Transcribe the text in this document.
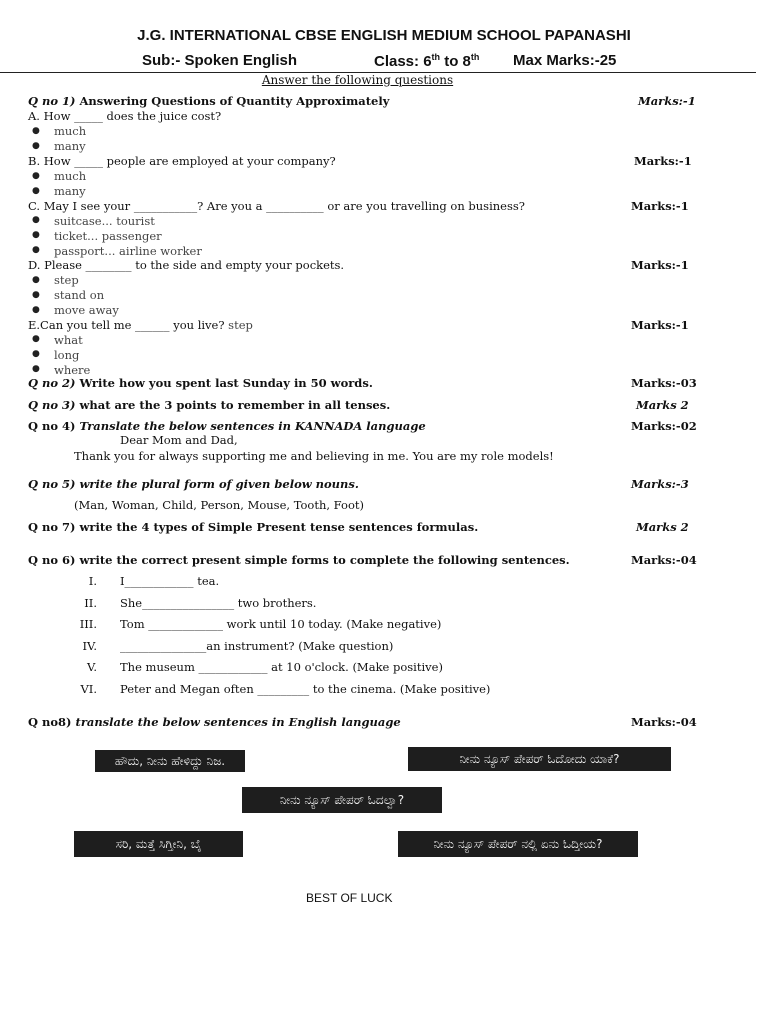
J.G. INTERNATIONAL CBSE ENGLISH MEDIUM SCHOOL PAPANASHI
Sub:- Spoken English	Class: 6th to 8th Max Marks:-25
Answer the following questions
Q no 1) Answering Questions of Quantity Approximately	Marks:-1
A. How _____ does the juice cost?
● much
● many
B. How _____ people are employed at your company?	Marks:-1
● much
● many
C. May I see your ___________? Are you a __________ or are you travelling on business?	Marks:-1
● suitcase... tourist
● ticket... passenger
● passport... airline worker
D. Please ________ to the side and empty your pockets.	Marks:-1
● step
● stand on
● move away
E.Can you tell me ______ you live? step	Marks:-1
● what
● long
● where
Q no 2) Write how you spent last Sunday in 50 words.	Marks:-03
Q no 3) what are the 3 points to remember in all tenses.	Marks 2
Q no 4) Translate the below sentences in KANNADA language	Marks:-02
Dear Mom and Dad,
Thank you for always supporting me and believing in me. You are my role models!
Q no 5) write the plural form of given below nouns.	Marks:-3
(Man, Woman, Child, Person, Mouse, Tooth, Foot)
Q no 7) write the 4 types of Simple Present tense sentences formulas.	Marks 2
Q no 6) write the correct present simple forms to complete the following sentences.	Marks:-04
I. I____________ tea.
II. She________________ two brothers.
III. Tom _____________ work until 10 today. (Make negative)
IV. _______________an instrument? (Make question)
V. The museum ____________ at 10 o'clock. (Make positive)
VI. Peter and Megan often _________ to the cinema. (Make positive)
Q no8) translate the below sentences in English language	Marks:-04
ಹೌದು, ನೀನು ಹೇಳಿದ್ದು ನಿಜ.	ನೀನು ನ್ಯೂಸ್ ಪೇಪರ್ ಓದೋದು ಯಾಕೆ?
ನೀನು ನ್ಯೂಸ್ ಪೇಪರ್ ಓದಲ್ವಾ?
ಸರಿ, ಮತ್ತೆ ಸಿಗ್ತೀನಿ, ಬೈ	ನೀನು ನ್ಯೂಸ್ ಪೇಪರ್ ನಲ್ಲಿ ಏನು ಓದ್ತೀಯ?
BEST OF LUCK
